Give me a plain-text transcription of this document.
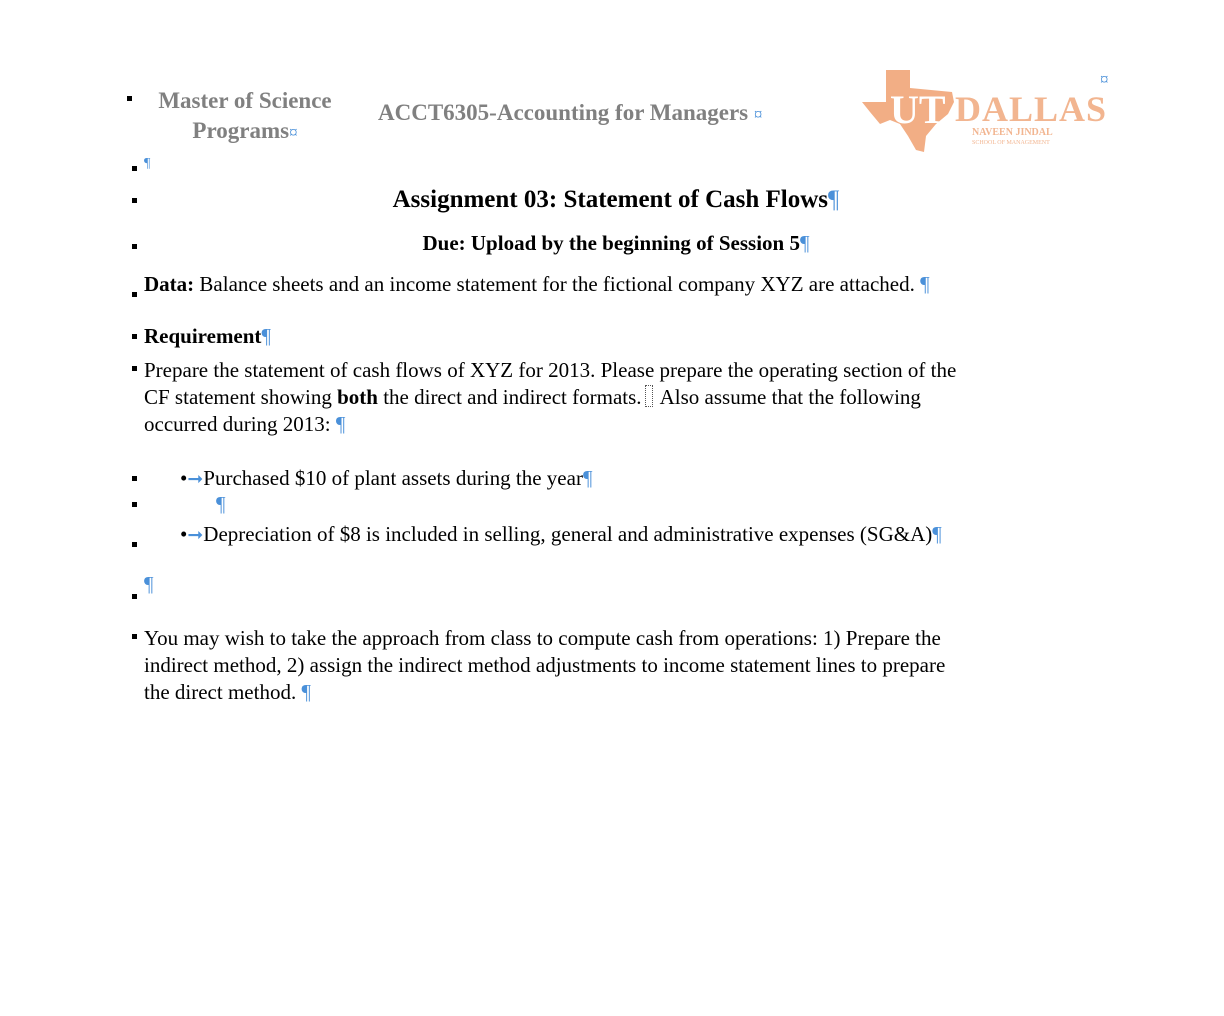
Master of Science
Programs¤
ACCT6305-Accounting for Managers ¤
¤
UT DALLAS
NAVEEN JINDAL
SCHOOL OF MANAGEMENT
¶
Assignment 03: Statement of Cash Flows¶
Due: Upload by the beginning of Session 5¶
Data: Balance sheets and an income statement for the fictional company XYZ are attached. ¶
Requirement¶
Prepare the statement of cash flows of XYZ for 2013. Please prepare the operating section of the
CF statement showing both the direct and indirect formats. Also assume that the following
occurred during 2013: ¶
•➞Purchased $10 of plant assets during the year¶
¶
•➞Depreciation of $8 is included in selling, general and administrative expenses (SG&A)¶
¶
You may wish to take the approach from class to compute cash from operations: 1) Prepare the
indirect method, 2) assign the indirect method adjustments to income statement lines to prepare
the direct method. ¶
